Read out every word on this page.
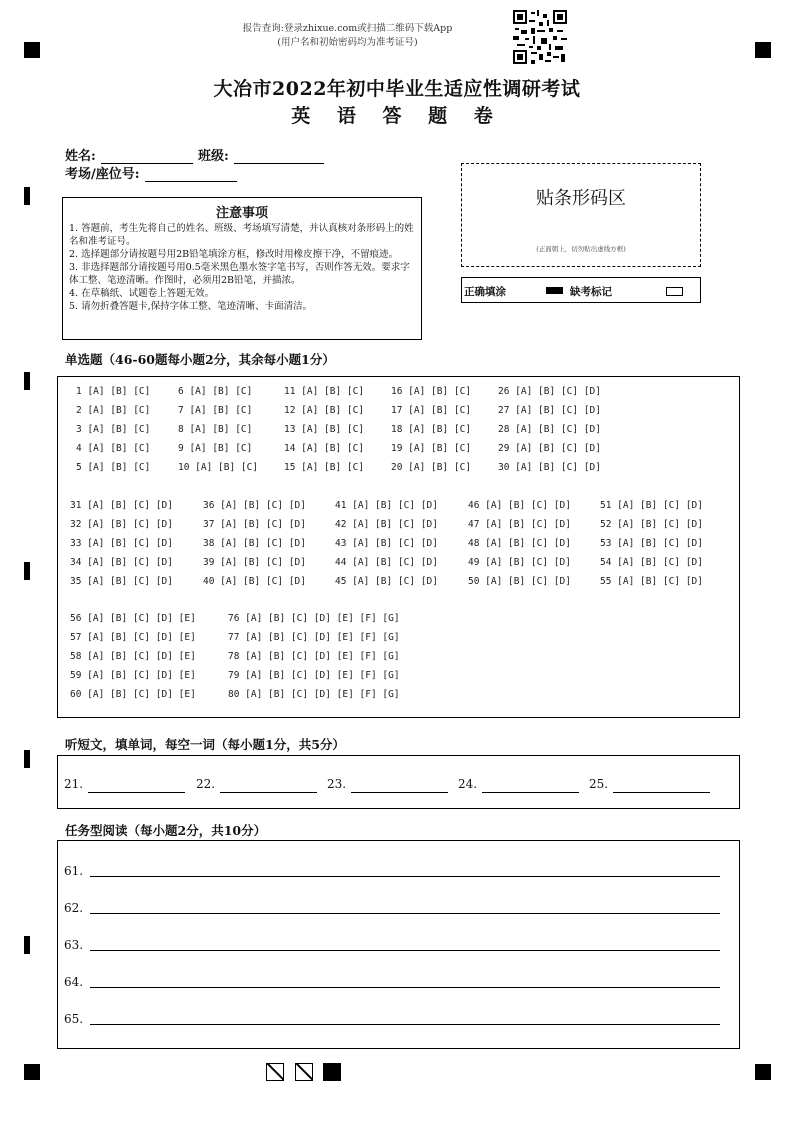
报告查询:登录zhixue.com或扫描二维码下载App
(用户名和初始密码均为准考证号)
大冶市2022年初中毕业生适应性调研考试
英 语 答 题 卷
姓名:	班级:
考场/座位号:
注意事项
1. 答题前，考生先将自己的姓名、班级、考场填写清楚，并认真核对条形码上的姓名和准考证号。
2. 选择题部分请按题号用2B铅笔填涂方框，修改时用橡皮擦干净，不留痕迹。
3. 非选择题部分请按题号用0.5毫米黑色墨水签字笔书写，否则作答无效。要求字体工整、笔迹清晰。作图时，必须用2B铅笔，并描浓。
4. 在草稿纸、试题卷上答题无效。
5. 请勿折叠答题卡,保持字体工整、笔迹清晰、卡面清洁。
贴条形码区
(正面朝上，切勿贴出虚线方框)
正确填涂	缺考标记
单选题（46-60题每小题2分，其余每小题1分）
1 [A] [B] [C]	6 [A] [B] [C]	11 [A] [B] [C]	16 [A] [B] [C]	26 [A] [B] [C] [D]
2 [A] [B] [C]	7 [A] [B] [C]	12 [A] [B] [C]	17 [A] [B] [C]	27 [A] [B] [C] [D]
3 [A] [B] [C]	8 [A] [B] [C]	13 [A] [B] [C]	18 [A] [B] [C]	28 [A] [B] [C] [D]
4 [A] [B] [C]	9 [A] [B] [C]	14 [A] [B] [C]	19 [A] [B] [C]	29 [A] [B] [C] [D]
5 [A] [B] [C]	10 [A] [B] [C]	15 [A] [B] [C]	20 [A] [B] [C]	30 [A] [B] [C] [D]
31 [A] [B] [C] [D]	36 [A] [B] [C] [D]	41 [A] [B] [C] [D]	46 [A] [B] [C] [D]	51 [A] [B] [C] [D]
32 [A] [B] [C] [D]	37 [A] [B] [C] [D]	42 [A] [B] [C] [D]	47 [A] [B] [C] [D]	52 [A] [B] [C] [D]
33 [A] [B] [C] [D]	38 [A] [B] [C] [D]	43 [A] [B] [C] [D]	48 [A] [B] [C] [D]	53 [A] [B] [C] [D]
34 [A] [B] [C] [D]	39 [A] [B] [C] [D]	44 [A] [B] [C] [D]	49 [A] [B] [C] [D]	54 [A] [B] [C] [D]
35 [A] [B] [C] [D]	40 [A] [B] [C] [D]	45 [A] [B] [C] [D]	50 [A] [B] [C] [D]	55 [A] [B] [C] [D]
56 [A] [B] [C] [D] [E]	76 [A] [B] [C] [D] [E] [F] [G]
57 [A] [B] [C] [D] [E]	77 [A] [B] [C] [D] [E] [F] [G]
58 [A] [B] [C] [D] [E]	78 [A] [B] [C] [D] [E] [F] [G]
59 [A] [B] [C] [D] [E]	79 [A] [B] [C] [D] [E] [F] [G]
60 [A] [B] [C] [D] [E]	80 [A] [B] [C] [D] [E] [F] [G]
听短文，填单词，每空一词（每小题1分，共5分）
21.	22.	23.	24.	25.
任务型阅读（每小题2分，共10分）
61.
62.
63.
64.
65.
